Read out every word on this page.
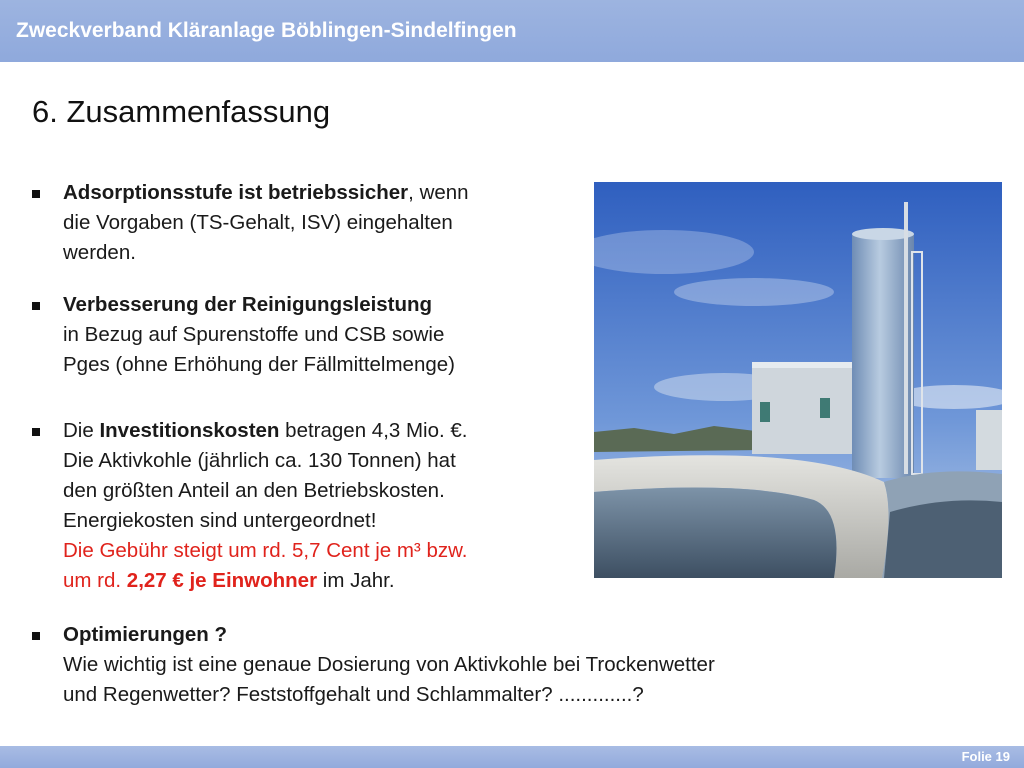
Zweckverband Kläranlage Böblingen-Sindelfingen
6. Zusammenfassung
Adsorptionsstufe ist betriebssicher, wenn
die Vorgaben (TS-Gehalt, ISV) eingehalten
werden.
Verbesserung der Reinigungsleistung
in Bezug auf Spurenstoffe und CSB sowie
Pges (ohne Erhöhung der Fällmittelmenge)
Die Investitionskosten betragen 4,3 Mio. €.
Die Aktivkohle (jährlich ca. 130 Tonnen) hat
den größten Anteil an den Betriebskosten.
Energiekosten sind untergeordnet!
Die Gebühr steigt um rd. 5,7 Cent je m³ bzw.
um rd. 2,27 € je Einwohner im Jahr.
Optimierungen ?
Wie wichtig ist eine genaue Dosierung von Aktivkohle bei Trockenwetter
und Regenwetter? Feststoffgehalt und Schlammalter? .............?
Folie 19
